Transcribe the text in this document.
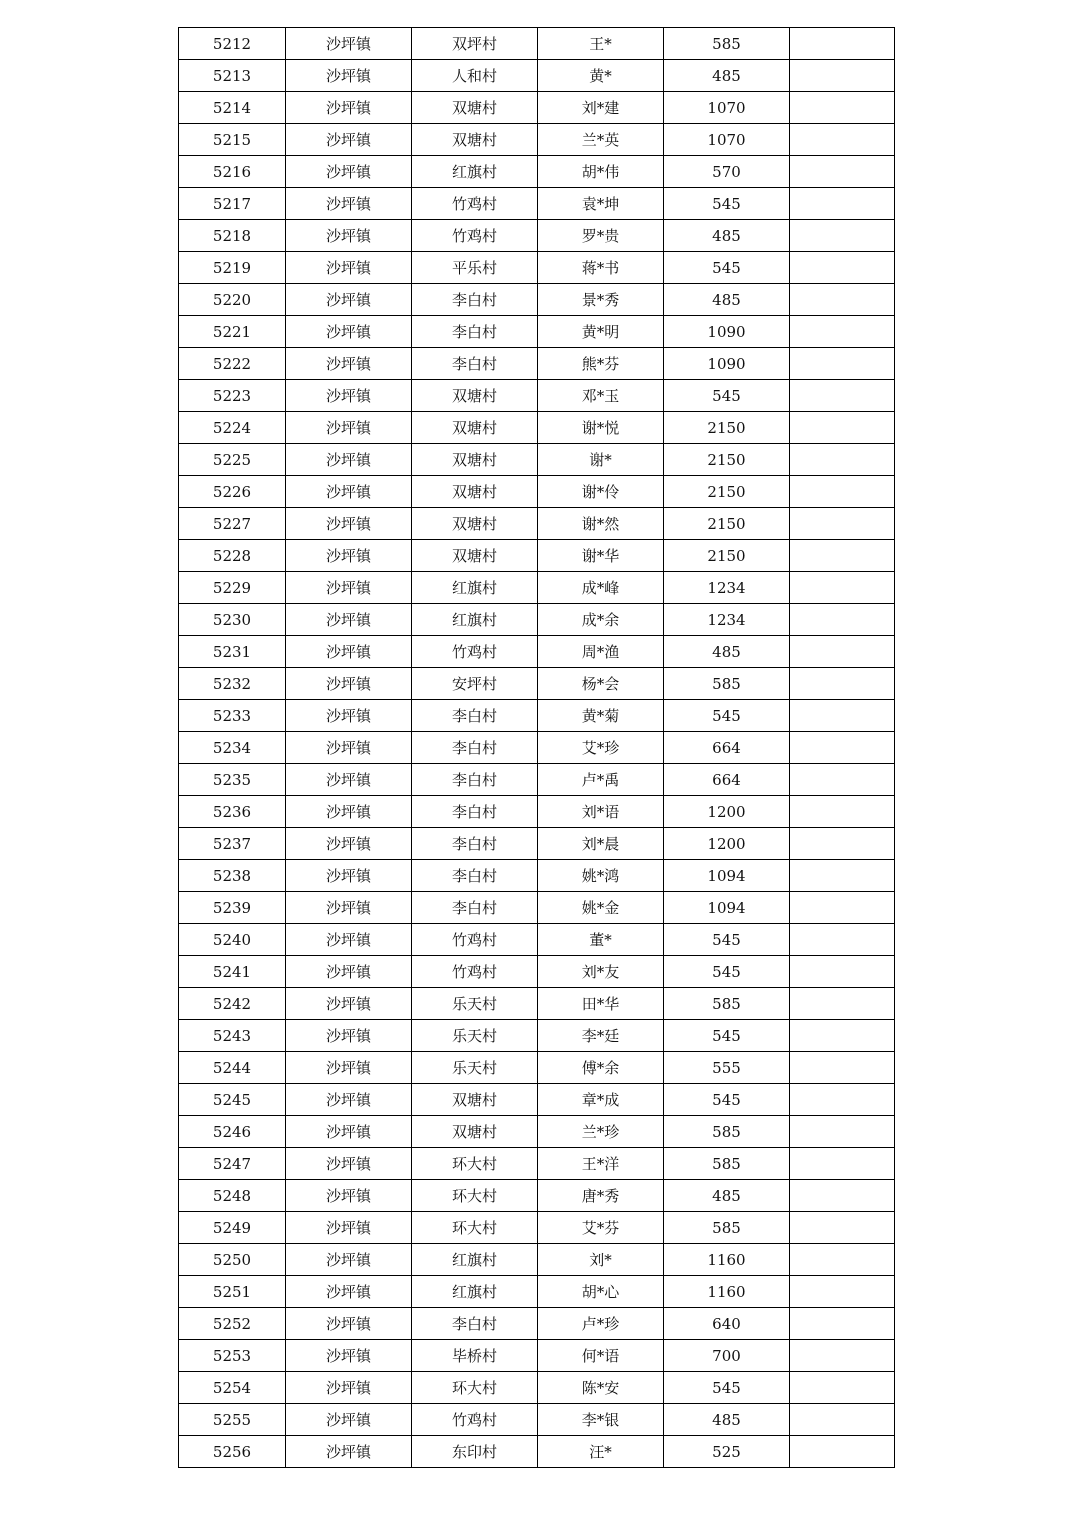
5212	沙坪镇	双坪村	王*	585	
5213	沙坪镇	人和村	黄*	485	
5214	沙坪镇	双塘村	刘*建	1070	
5215	沙坪镇	双塘村	兰*英	1070	
5216	沙坪镇	红旗村	胡*伟	570	
5217	沙坪镇	竹鸡村	袁*坤	545	
5218	沙坪镇	竹鸡村	罗*贵	485	
5219	沙坪镇	平乐村	蒋*书	545	
5220	沙坪镇	李白村	景*秀	485	
5221	沙坪镇	李白村	黄*明	1090	
5222	沙坪镇	李白村	熊*芬	1090	
5223	沙坪镇	双塘村	邓*玉	545	
5224	沙坪镇	双塘村	谢*悦	2150	
5225	沙坪镇	双塘村	谢*	2150	
5226	沙坪镇	双塘村	谢*伶	2150	
5227	沙坪镇	双塘村	谢*然	2150	
5228	沙坪镇	双塘村	谢*华	2150	
5229	沙坪镇	红旗村	成*峰	1234	
5230	沙坪镇	红旗村	成*余	1234	
5231	沙坪镇	竹鸡村	周*渔	485	
5232	沙坪镇	安坪村	杨*会	585	
5233	沙坪镇	李白村	黄*菊	545	
5234	沙坪镇	李白村	艾*珍	664	
5235	沙坪镇	李白村	卢*禹	664	
5236	沙坪镇	李白村	刘*语	1200	
5237	沙坪镇	李白村	刘*晨	1200	
5238	沙坪镇	李白村	姚*鸿	1094	
5239	沙坪镇	李白村	姚*金	1094	
5240	沙坪镇	竹鸡村	董*	545	
5241	沙坪镇	竹鸡村	刘*友	545	
5242	沙坪镇	乐天村	田*华	585	
5243	沙坪镇	乐天村	李*廷	545	
5244	沙坪镇	乐天村	傅*余	555	
5245	沙坪镇	双塘村	章*成	545	
5246	沙坪镇	双塘村	兰*珍	585	
5247	沙坪镇	环大村	王*洋	585	
5248	沙坪镇	环大村	唐*秀	485	
5249	沙坪镇	环大村	艾*芬	585	
5250	沙坪镇	红旗村	刘*	1160	
5251	沙坪镇	红旗村	胡*心	1160	
5252	沙坪镇	李白村	卢*珍	640	
5253	沙坪镇	毕桥村	何*语	700	
5254	沙坪镇	环大村	陈*安	545	
5255	沙坪镇	竹鸡村	李*银	485	
5256	沙坪镇	东印村	汪*	525	
